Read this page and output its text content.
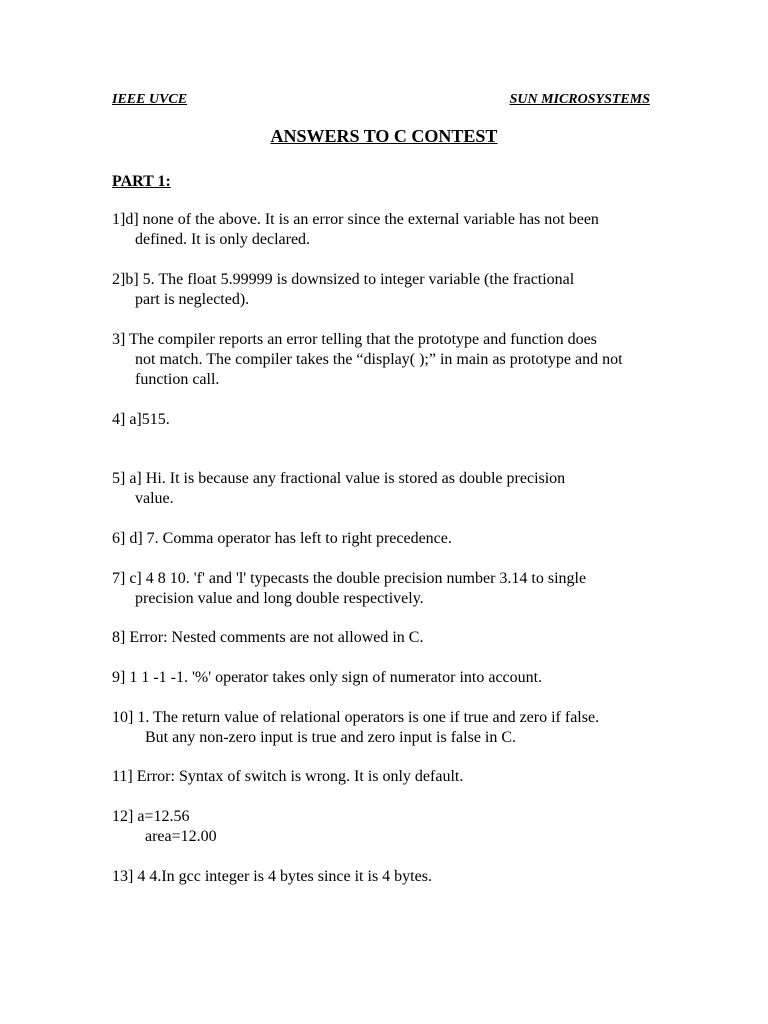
IEEE UVCE	SUN MICROSYSTEMS
ANSWERS TO C CONTEST
PART 1:
1]d] none of the above. It is an error since the external variable has not been
defined. It is only declared.
2]b] 5. The float 5.99999 is downsized to integer variable (the fractional
part is neglected).
3] The compiler reports an error telling that the prototype and function does
not match. The compiler takes the “display( );” in main as prototype and not function call.
4] a]515.
5] a] Hi. It is because any fractional value is stored as double precision
value.
6] d] 7. Comma operator has left to right precedence.
7] c] 4 8 10. 'f' and 'l' typecasts the double precision number 3.14 to single
precision value and long double respectively.
8] Error: Nested comments are not allowed in C.
9] 1 1 -1 -1. '%' operator takes only sign of numerator into account.
10] 1. The return value of relational operators is one if true and zero if false.
But any non-zero input is true and zero input is false in C.
11] Error: Syntax of switch is wrong. It is only default.
12] a=12.56
area=12.00
13] 4 4.In gcc integer is 4 bytes since it is 4 bytes.
